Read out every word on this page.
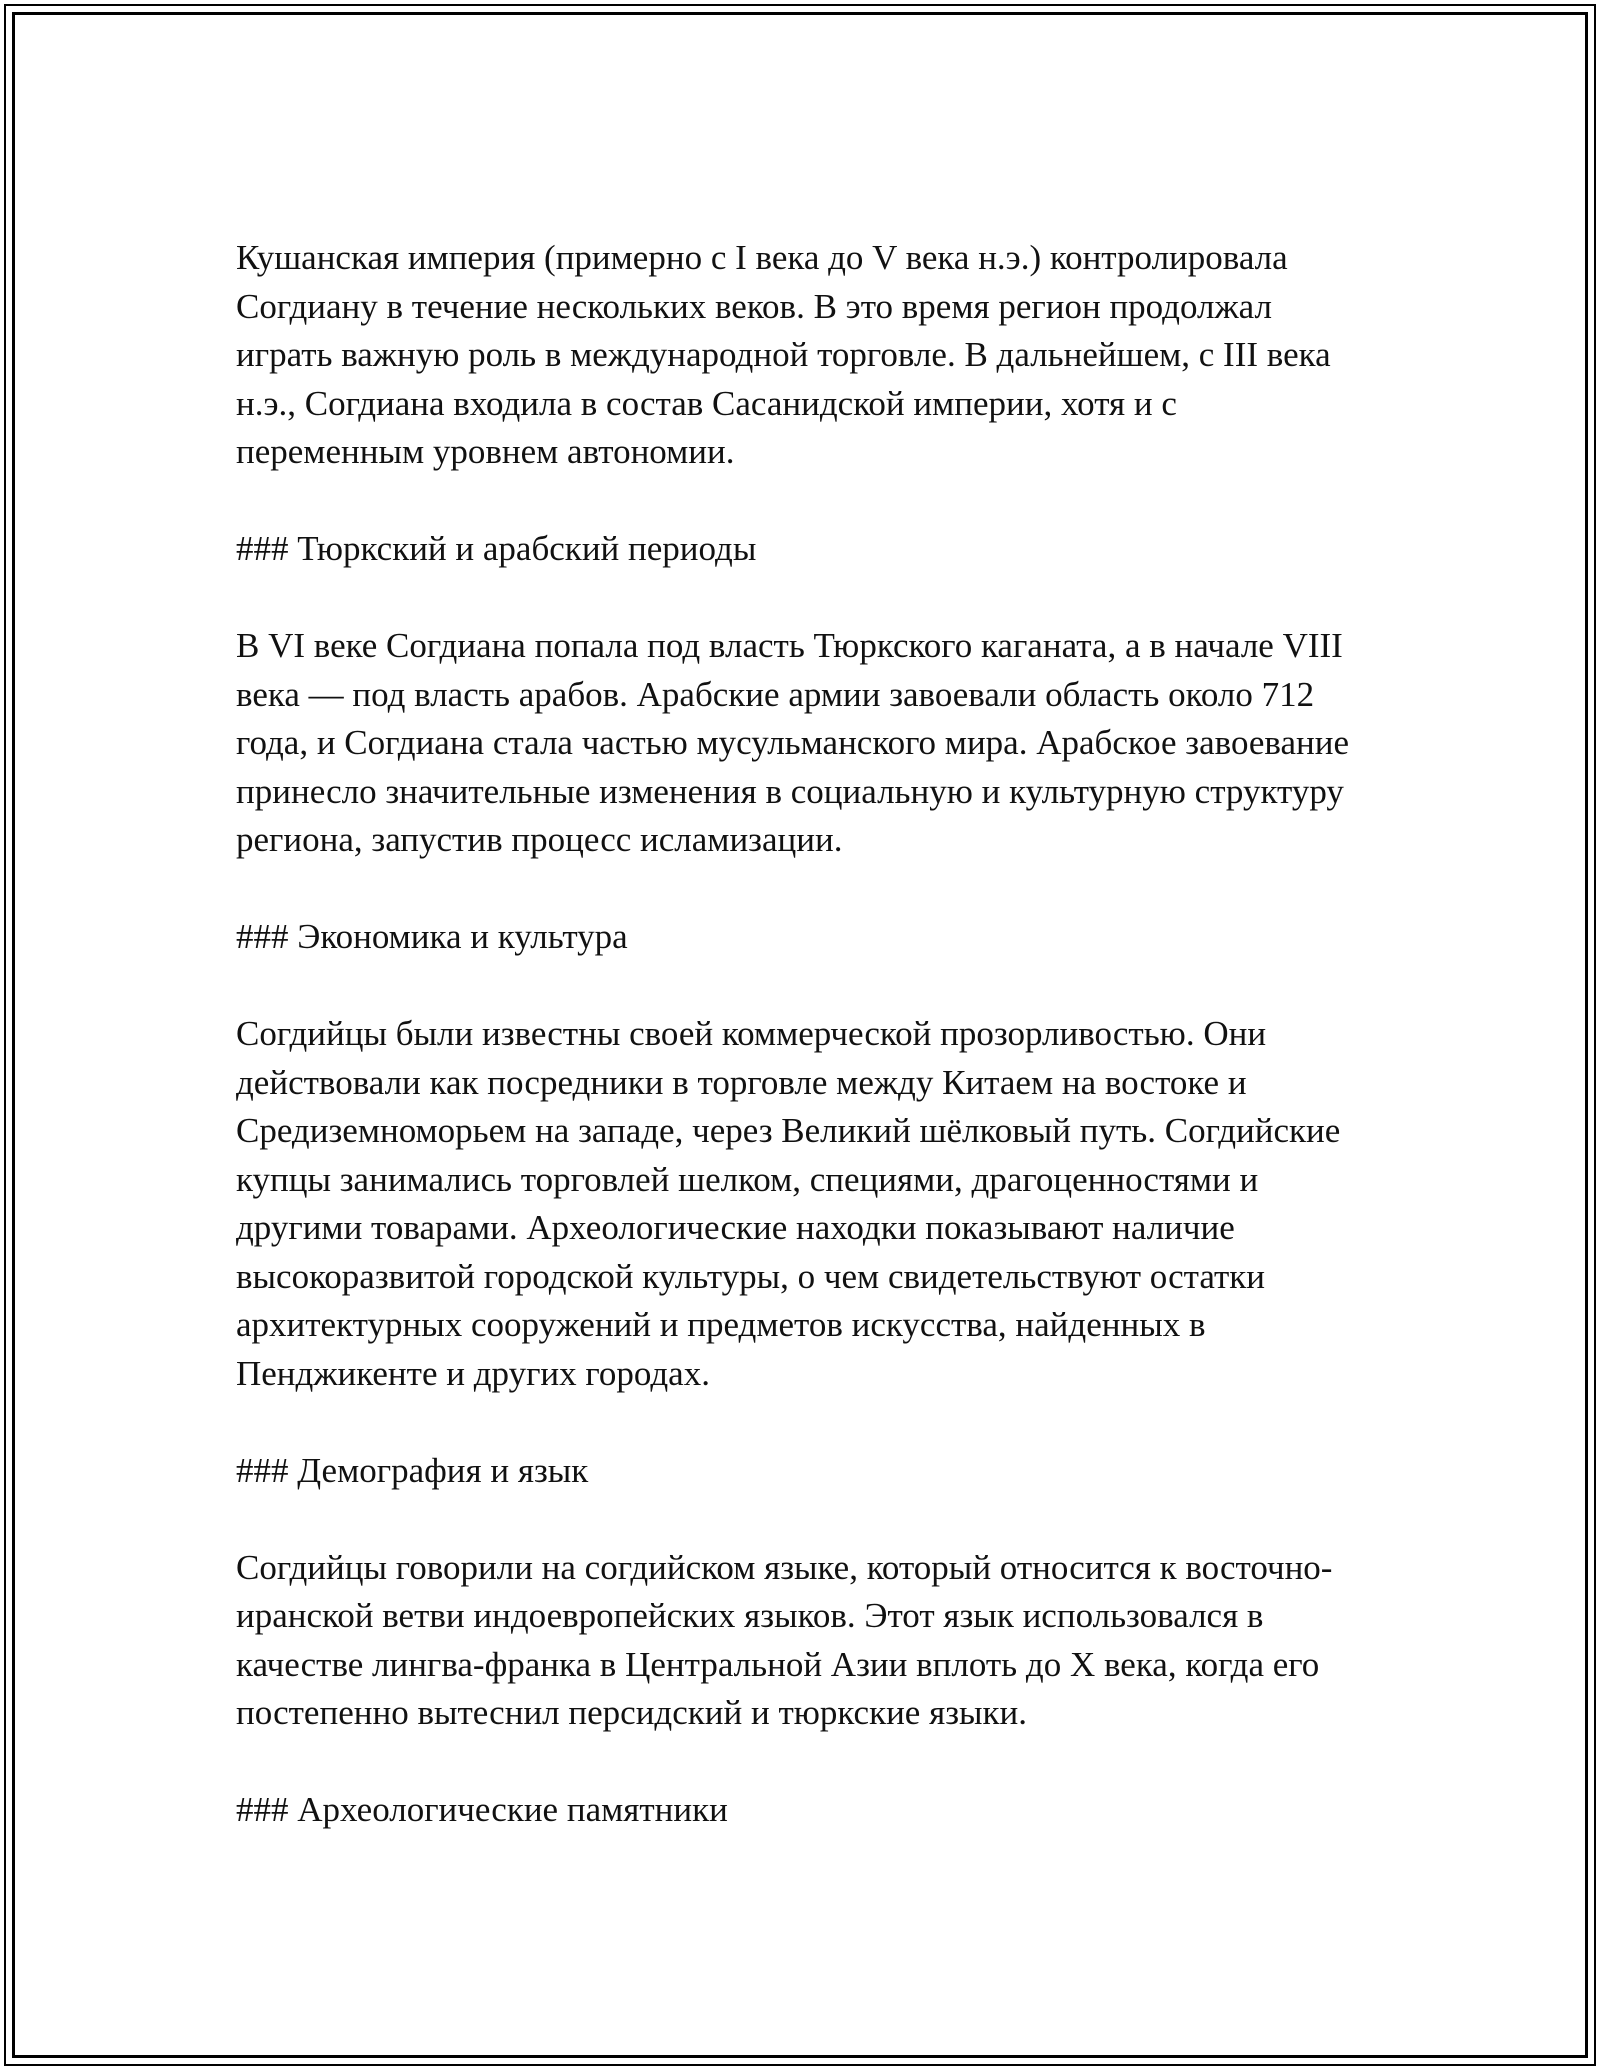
Кушанская империя (примерно с I века до V века н.э.) контролировала Согдиану в течение нескольких веков. В это время регион продолжал играть важную роль в международной торговле. В дальнейшем, с III века н.э., Согдиана входила в состав Сасанидской империи, хотя и с переменным уровнем автономии.

### Тюркский и арабский периоды

В VI веке Согдиана попала под власть Тюркского каганата, а в начале VIII века — под власть арабов. Арабские армии завоевали область около 712 года, и Согдиана стала частью мусульманского мира. Арабское завоевание принесло значительные изменения в социальную и культурную структуру региона, запустив процесс исламизации.

### Экономика и культура

Согдийцы были известны своей коммерческой прозорливостью. Они действовали как посредники в торговле между Китаем на востоке и Средиземноморьем на западе, через Великий шёлковый путь. Согдийские купцы занимались торговлей шелком, специями, драгоценностями и другими товарами. Археологические находки показывают наличие высокоразвитой городской культуры, о чем свидетельствуют остатки архитектурных сооружений и предметов искусства, найденных в Пенджикенте и других городах.

### Демография и язык

Согдийцы говорили на согдийском языке, который относится к восточно-иранской ветви индоевропейских языков. Этот язык использовался в качестве лингва-франка в Центральной Азии вплоть до X века, когда его постепенно вытеснил персидский и тюркские языки.

### Археологические памятники
